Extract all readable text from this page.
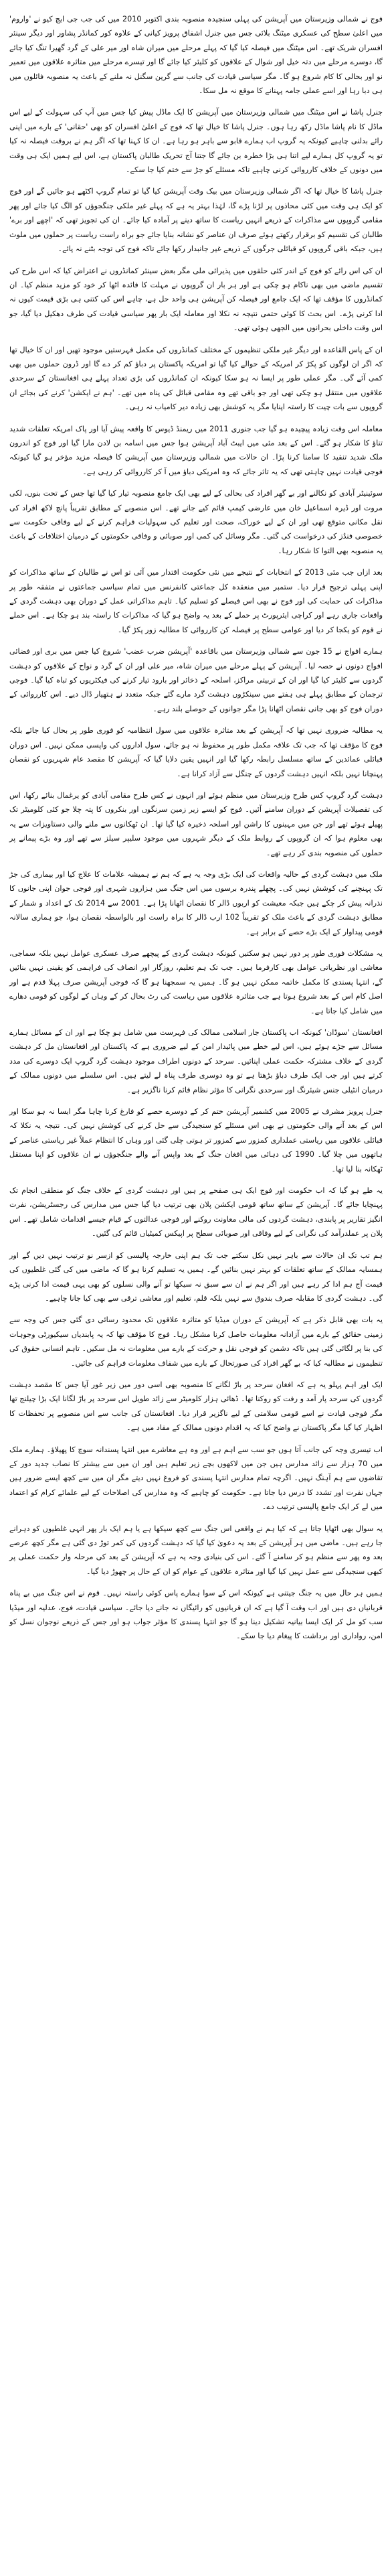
فوج نے شمالی وزیرستان میں آپریشن کی پہلی سنجیدہ منصوبہ بندی اکتوبر 2010 میں کی جب جی ایچ کیو نے 'واروم' میں اعلیٰ سطح کی عسکری میٹنگ بلائی جس میں جنرل اشفاق پرویز کیانی کے علاوہ کور کمانڈر پشاور اور دیگر سینئر افسران شریک تھے۔ اس میٹنگ میں فیصلہ کیا گیا کہ پہلے مرحلے میں میران شاہ اور میر علی کے گرد گھیرا تنگ کیا جائے گا، دوسرے مرحلے میں دتہ خیل اور شوال کے علاقوں کو کلیئر کیا جائے گا اور تیسرے مرحلے میں متاثرہ علاقوں میں تعمیر نو اور بحالی کا کام شروع ہو گا۔ مگر سیاسی قیادت کی جانب سے گرین سگنل نہ ملنے کے باعث یہ منصوبہ فائلوں میں ہی دبا رہا اور اسے عملی جامہ پہنانے کا موقع نہ مل سکا۔

جنرل پاشا نے اس میٹنگ میں شمالی وزیرستان میں آپریشن کا ایک ماڈل پیش کیا جس میں آپ کی سہولت کے لیے اس ماڈل کا نام پاشا ماڈل رکھ رہا ہوں۔ جنرل پاشا کا خیال تھا کہ فوج کے اعلیٰ افسران کو بھی 'حقانی' کے بارے میں اپنی رائے بدلنی چاہیے کیونکہ یہ گروپ اب ہمارے قابو سے باہر ہو رہا ہے۔ ان کا کہنا تھا کہ اگر ہم نے بروقت فیصلہ نہ کیا تو یہ گروپ کل ہمارے لیے اتنا ہی بڑا خطرہ بن جائے گا جتنا آج تحریک طالبان پاکستان ہے، اس لیے ہمیں ایک ہی وقت میں دونوں کے خلاف کارروائی کرنی چاہیے تاکہ مسئلے کو جڑ سے ختم کیا جا سکے۔

جنرل پاشا کا خیال تھا کہ اگر شمالی وزیرستان میں بیک وقت آپریشن کیا گیا تو تمام گروپ اکٹھے ہو جائیں گے اور فوج کو ایک ہی وقت میں کئی محاذوں پر لڑنا پڑے گا، لہٰذا بہتر یہ ہے کہ پہلے غیر ملکی جنگجوؤں کو الگ کیا جائے اور پھر مقامی گروپوں سے مذاکرات کے ذریعے انہیں ریاست کا ساتھ دینے پر آمادہ کیا جائے۔ ان کی تجویز تھی کہ 'اچھے اور برے' طالبان کی تقسیم کو برقرار رکھتے ہوئے صرف ان عناصر کو نشانہ بنایا جائے جو براہ راست ریاست پر حملوں میں ملوث ہیں، جبکہ باقی گروپوں کو قبائلی جرگوں کے ذریعے غیر جانبدار رکھا جائے تاکہ فوج کی توجہ بٹنے نہ پائے۔

ان کی اس رائے کو فوج کے اندر کئی حلقوں میں پذیرائی ملی مگر بعض سینئر کمانڈروں نے اعتراض کیا کہ اس طرح کی تقسیم ماضی میں بھی ناکام ہو چکی ہے اور ہر بار ان گروپوں نے مہلت کا فائدہ اٹھا کر خود کو مزید منظم کیا۔ ان کمانڈروں کا مؤقف تھا کہ ایک جامع اور فیصلہ کن آپریشن ہی واحد حل ہے، چاہے اس کی کتنی ہی بڑی قیمت کیوں نہ ادا کرنی پڑے۔ اس بحث کا کوئی حتمی نتیجہ نہ نکلا اور معاملہ ایک بار پھر سیاسی قیادت کی طرف دھکیل دیا گیا، جو اس وقت داخلی بحرانوں میں الجھی ہوئی تھی۔

ان کے پاس القاعدہ اور دیگر غیر ملکی تنظیموں کے مختلف کمانڈروں کی مکمل فہرستیں موجود تھیں اور ان کا خیال تھا کہ اگر ان لوگوں کو پکڑ کر امریکہ کے حوالے کیا گیا تو امریکہ پاکستان پر دباؤ کم کر دے گا اور ڈرون حملوں میں بھی کمی آئے گی۔ مگر عملی طور پر ایسا نہ ہو سکا کیونکہ ان کمانڈروں کی بڑی تعداد پہلے ہی افغانستان کے سرحدی علاقوں میں منتقل ہو چکی تھی اور جو باقی تھے وہ مقامی قبائل کی پناہ میں تھے۔ 'ہم نے ایکشن' کرنے کی بجائے ان گروپوں سے بات چیت کا راستہ اپنایا مگر یہ کوشش بھی زیادہ دیر کامیاب نہ رہی۔

معاملہ اس وقت زیادہ پیچیدہ ہو گیا جب جنوری 2011 میں ریمنڈ ڈیوس کا واقعہ پیش آیا اور پاک امریکہ تعلقات شدید تناؤ کا شکار ہو گئے۔ اس کے بعد مئی میں ایبٹ آباد آپریشن ہوا جس میں اسامہ بن لادن مارا گیا اور فوج کو اندرون ملک شدید تنقید کا سامنا کرنا پڑا۔ ان حالات میں شمالی وزیرستان میں آپریشن کا فیصلہ مزید مؤخر ہو گیا کیونکہ فوجی قیادت نہیں چاہتی تھی کہ یہ تاثر جائے کہ وہ امریکی دباؤ میں آ کر کارروائی کر رہی ہے۔

سوئینیٹر آبادی کو نکالنے اور بے گھر افراد کی بحالی کے لیے بھی ایک جامع منصوبہ تیار کیا گیا تھا جس کے تحت بنوں، لکی مروت اور ڈیرہ اسماعیل خان میں عارضی کیمپ قائم کیے جانے تھے۔ اس منصوبے کے مطابق تقریباً پانچ لاکھ افراد کی نقل مکانی متوقع تھی اور ان کے لیے خوراک، صحت اور تعلیم کی سہولیات فراہم کرنے کے لیے وفاقی حکومت سے خصوصی فنڈز کی درخواست کی گئی۔ مگر وسائل کی کمی اور صوبائی و وفاقی حکومتوں کے درمیان اختلافات کے باعث یہ منصوبہ بھی التوا کا شکار رہا۔

بعد ازاں جب مئی 2013 کے انتخابات کے نتیجے میں نئی حکومت اقتدار میں آئی تو اس نے طالبان کے ساتھ مذاکرات کو اپنی پہلی ترجیح قرار دیا۔ ستمبر میں منعقدہ کل جماعتی کانفرنس میں تمام سیاسی جماعتوں نے متفقہ طور پر مذاکرات کی حمایت کی اور فوج نے بھی اس فیصلے کو تسلیم کیا۔ تاہم مذاکراتی عمل کے دوران بھی دہشت گردی کے واقعات جاری رہے اور کراچی ایئرپورٹ پر حملے کے بعد یہ واضح ہو گیا کہ مذاکرات کا راستہ بند ہو چکا ہے۔ اس حملے نے قوم کو یکجا کر دیا اور عوامی سطح پر فیصلہ کن کارروائی کا مطالبہ زور پکڑ گیا۔

ہمارے افواج نے 15 جون سے شمالی وزیرستان میں باقاعدہ 'آپریشن ضرب عضب' شروع کیا جس میں بری اور فضائی افواج دونوں نے حصہ لیا۔ آپریشن کے پہلے مرحلے میں میران شاہ، میر علی اور ان کے گرد و نواح کے علاقوں کو دہشت گردوں سے کلیئر کیا گیا اور ان کے تربیتی مراکز، اسلحہ کے ذخائر اور بارود تیار کرنے کی فیکٹریوں کو تباہ کیا گیا۔ فوجی ترجمان کے مطابق پہلے ہی ہفتے میں سینکڑوں دہشت گرد مارے گئے جبکہ متعدد نے ہتھیار ڈال دیے۔ اس کارروائی کے دوران فوج کو بھی جانی نقصان اٹھانا پڑا مگر جوانوں کے حوصلے بلند رہے۔

یہ مطالبہ ضروری نہیں تھا کہ آپریشن کے بعد متاثرہ علاقوں میں سول انتظامیہ کو فوری طور پر بحال کیا جائے بلکہ فوج کا مؤقف تھا کہ جب تک علاقہ مکمل طور پر محفوظ نہ ہو جائے، سول اداروں کی واپسی ممکن نہیں۔ اس دوران قبائلی عمائدین کے ساتھ مسلسل رابطہ رکھا گیا اور انہیں یقین دلایا گیا کہ آپریشن کا مقصد عام شہریوں کو نقصان پہنچانا نہیں بلکہ انہیں دہشت گردوں کے چنگل سے آزاد کرانا ہے۔

دہشت گرد گروپ کس طرح وزیرستان میں منظم ہوئے اور انہوں نے کس طرح مقامی آبادی کو یرغمال بنائے رکھا، اس کی تفصیلات آپریشن کے دوران سامنے آئیں۔ فوج کو ایسے زیر زمین سرنگوں اور بنکروں کا پتہ چلا جو کئی کلومیٹر تک پھیلے ہوئے تھے اور جن میں مہینوں کا راشن اور اسلحہ ذخیرہ کیا گیا تھا۔ ان ٹھکانوں سے ملنے والی دستاویزات سے یہ بھی معلوم ہوا کہ ان گروپوں کے روابط ملک کے دیگر شہروں میں موجود سلیپر سیلز سے تھے اور وہ بڑے پیمانے پر حملوں کی منصوبہ بندی کر رہے تھے۔

ملک میں دہشت گردی کے حالیہ واقعات کی ایک بڑی وجہ یہ ہے کہ ہم نے ہمیشہ علامات کا علاج کیا اور بیماری کی جڑ تک پہنچنے کی کوشش نہیں کی۔ پچھلے پندرہ برسوں میں اس جنگ میں ہزاروں شہری اور فوجی جوان اپنی جانوں کا نذرانہ پیش کر چکے ہیں جبکہ معیشت کو اربوں ڈالر کا نقصان اٹھانا پڑا ہے۔ 2001 سے 2014 تک کے اعداد و شمار کے مطابق دہشت گردی کے باعث ملک کو تقریباً 102 ارب ڈالر کا براہ راست اور بالواسطہ نقصان ہوا، جو ہماری سالانہ قومی پیداوار کے ایک بڑے حصے کے برابر ہے۔

یہ مشکلات فوری طور پر دور نہیں ہو سکتیں کیونکہ دہشت گردی کے پیچھے صرف عسکری عوامل نہیں بلکہ سماجی، معاشی اور نظریاتی عوامل بھی کارفرما ہیں۔ جب تک ہم تعلیم، روزگار اور انصاف کی فراہمی کو یقینی نہیں بنائیں گے، انتہا پسندی کا مکمل خاتمہ ممکن نہیں ہو گا۔ ہمیں یہ سمجھنا ہو گا کہ فوجی آپریشن صرف پہلا قدم ہے اور اصل کام اس کے بعد شروع ہوتا ہے جب متاثرہ علاقوں میں ریاست کی رٹ بحال کر کے وہاں کے لوگوں کو قومی دھارے میں شامل کیا جاتا ہے۔

افغانستان 'سوڈان' کیونکہ اب پاکستان جار اسلامی ممالک کی فہرست میں شامل ہو چکا ہے اور ان کے مسائل ہمارے مسائل سے جڑے ہوئے ہیں، اس لیے خطے میں پائیدار امن کے لیے ضروری ہے کہ پاکستان اور افغانستان مل کر دہشت گردی کے خلاف مشترکہ حکمت عملی اپنائیں۔ سرحد کے دونوں اطراف موجود دہشت گرد گروپ ایک دوسرے کی مدد کرتے ہیں اور جب ایک طرف دباؤ بڑھتا ہے تو وہ دوسری طرف پناہ لے لیتے ہیں۔ اس سلسلے میں دونوں ممالک کے درمیان انٹیلی جنس شیئرنگ اور سرحدی نگرانی کا مؤثر نظام قائم کرنا ناگزیر ہے۔

جنرل پرویز مشرف نے 2005 میں کشمیر آپریشن ختم کر کے دوسرے حصے کو فارغ کرنا چاہا مگر ایسا نہ ہو سکا اور اس کے بعد آنے والی حکومتوں نے بھی اس مسئلے کو سنجیدگی سے حل کرنے کی کوشش نہیں کی۔ نتیجہ یہ نکلا کہ قبائلی علاقوں میں ریاستی عملداری کمزور سے کمزور تر ہوتی چلی گئی اور وہاں کا انتظام عملاً غیر ریاستی عناصر کے ہاتھوں میں چلا گیا۔ 1990 کی دہائی میں افغان جنگ کے بعد واپس آنے والے جنگجوؤں نے ان علاقوں کو اپنا مستقل ٹھکانہ بنا لیا تھا۔

یہ طے ہو گیا کہ اب حکومت اور فوج ایک ہی صفحے پر ہیں اور دہشت گردی کے خلاف جنگ کو منطقی انجام تک پہنچایا جائے گا۔ آپریشن کے ساتھ ساتھ قومی ایکشن پلان بھی ترتیب دیا گیا جس میں مدارس کی رجسٹریشن، نفرت انگیز تقاریر پر پابندی، دہشت گردوں کی مالی معاونت روکنے اور فوجی عدالتوں کے قیام جیسے اقدامات شامل تھے۔ اس پلان پر عملدرآمد کی نگرانی کے لیے وفاقی اور صوبائی سطح پر اپیکس کمیٹیاں قائم کی گئیں۔

ہم تب تک ان حالات سے باہر نہیں نکل سکتے جب تک ہم اپنی خارجہ پالیسی کو ازسر نو ترتیب نہیں دیں گے اور ہمسایہ ممالک کے ساتھ تعلقات کو بہتر نہیں بنائیں گے۔ ہمیں یہ تسلیم کرنا ہو گا کہ ماضی میں کی گئی غلطیوں کی قیمت آج ہم ادا کر رہے ہیں اور اگر ہم نے ان سے سبق نہ سیکھا تو آنے والی نسلوں کو بھی یہی قیمت ادا کرنی پڑے گی۔ دہشت گردی کا مقابلہ صرف بندوق سے نہیں بلکہ قلم، تعلیم اور معاشی ترقی سے بھی کیا جانا چاہیے۔

یہ بات بھی قابل ذکر ہے کہ آپریشن کے دوران میڈیا کو متاثرہ علاقوں تک محدود رسائی دی گئی جس کی وجہ سے زمینی حقائق کے بارے میں آزادانہ معلومات حاصل کرنا مشکل رہا۔ فوج کا مؤقف تھا کہ یہ پابندیاں سیکیورٹی وجوہات کی بنا پر لگائی گئی ہیں تاکہ دشمن کو فوجی نقل و حرکت کے بارے میں معلومات نہ مل سکیں۔ تاہم انسانی حقوق کی تنظیموں نے مطالبہ کیا کہ بے گھر افراد کی صورتحال کے بارے میں شفاف معلومات فراہم کی جائیں۔

ایک اور اہم پہلو یہ ہے کہ افغان سرحد پر باڑ لگانے کا منصوبہ بھی اسی دور میں زیر غور آیا جس کا مقصد دہشت گردوں کی سرحد پار آمد و رفت کو روکنا تھا۔ ڈھائی ہزار کلومیٹر سے زائد طویل اس سرحد پر باڑ لگانا ایک بڑا چیلنج تھا مگر فوجی قیادت نے اسے قومی سلامتی کے لیے ناگزیر قرار دیا۔ افغانستان کی جانب سے اس منصوبے پر تحفظات کا اظہار کیا گیا مگر پاکستان نے واضح کیا کہ یہ اقدام دونوں ممالک کے مفاد میں ہے۔

اب تیسری وجہ کی جانب آتا ہوں جو سب سے اہم ہے اور وہ ہے معاشرے میں انتہا پسندانہ سوچ کا پھیلاؤ۔ ہمارے ملک میں 70 ہزار سے زائد مدارس ہیں جن میں لاکھوں بچے زیر تعلیم ہیں اور ان میں سے بیشتر کا نصاب جدید دور کے تقاضوں سے ہم آہنگ نہیں۔ اگرچہ تمام مدارس انتہا پسندی کو فروغ نہیں دیتے مگر ان میں سے کچھ ایسے ضرور ہیں جہاں نفرت اور تشدد کا درس دیا جاتا ہے۔ حکومت کو چاہیے کہ وہ مدارس کی اصلاحات کے لیے علمائے کرام کو اعتماد میں لے کر ایک جامع پالیسی ترتیب دے۔

یہ سوال بھی اٹھایا جاتا ہے کہ کیا ہم نے واقعی اس جنگ سے کچھ سیکھا ہے یا ہم ایک بار پھر انہی غلطیوں کو دہرانے جا رہے ہیں۔ ماضی میں ہر آپریشن کے بعد یہ دعویٰ کیا گیا کہ دہشت گردوں کی کمر توڑ دی گئی ہے مگر کچھ عرصے بعد وہ پھر سے منظم ہو کر سامنے آ گئے۔ اس کی بنیادی وجہ یہ ہے کہ آپریشن کے بعد کی مرحلہ وار حکمت عملی پر کبھی سنجیدگی سے عمل نہیں کیا گیا اور متاثرہ علاقوں کے عوام کو ان کے حال پر چھوڑ دیا گیا۔

ہمیں ہر حال میں یہ جنگ جیتنی ہے کیونکہ اس کے سوا ہمارے پاس کوئی راستہ نہیں۔ قوم نے اس جنگ میں بے پناہ قربانیاں دی ہیں اور اب وقت آ گیا ہے کہ ان قربانیوں کو رائیگاں نہ جانے دیا جائے۔ سیاسی قیادت، فوج، عدلیہ اور میڈیا سب کو مل کر ایک ایسا بیانیہ تشکیل دینا ہو گا جو انتہا پسندی کا مؤثر جواب ہو اور جس کے ذریعے نوجوان نسل کو امن، رواداری اور برداشت کا پیغام دیا جا سکے۔
